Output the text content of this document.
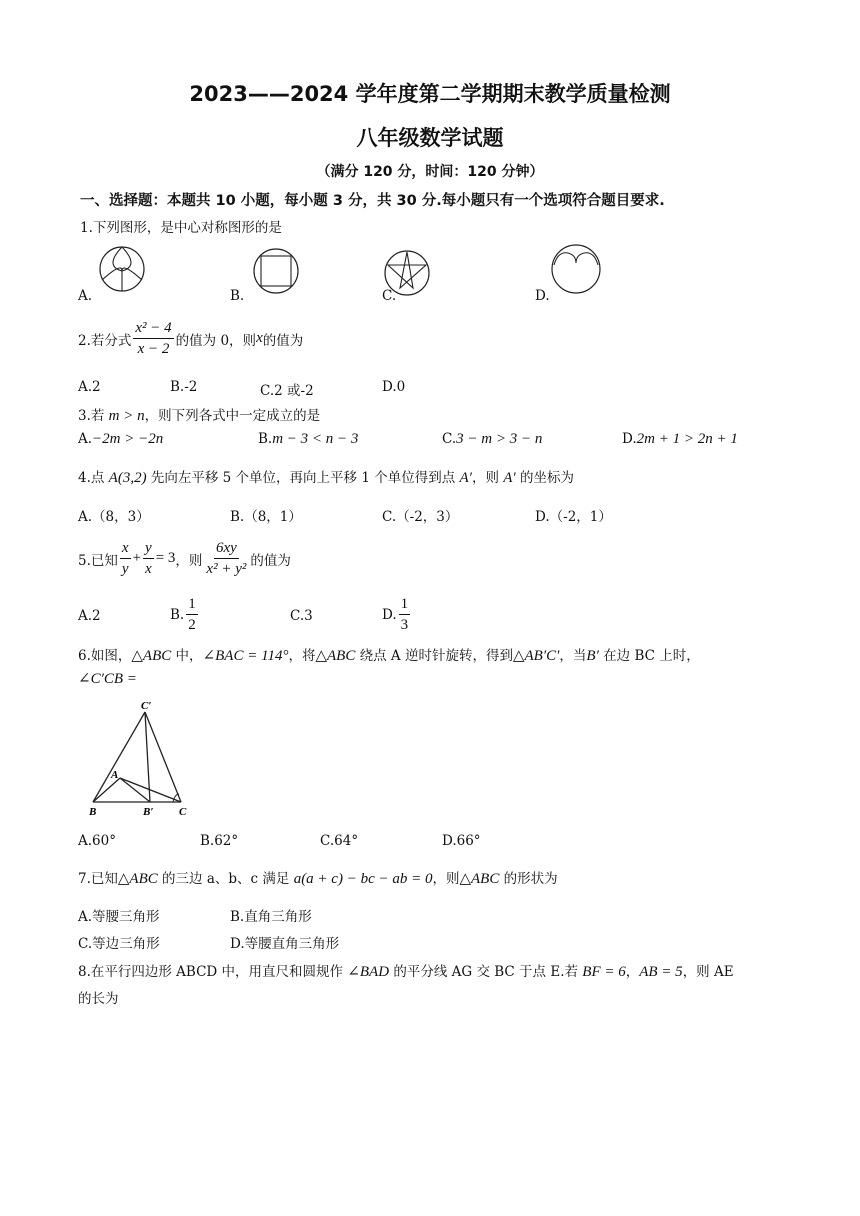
2023——2024 学年度第二学期期末教学质量检测
八年级数学试题
（满分 120 分，时间：120 分钟）
一、选择题：本题共 10 小题，每小题 3 分，共 30 分.每小题只有一个选项符合题目要求.
1.下列图形，是中心对称图形的是
A.	B.	C.	D.
2.若分式 $\frac{\text{x² − 4}}{x - 2}$ 的值为 0，则 x 的值为
A.2	B.-2	C.2 或-2	D.0
3.若 m > n，则下列各式中一定成立的是
A.−2m > −2n	B.m − 3 < n − 3	C.3 − m > 3 − n	D.2m + 1 > 2n + 1
4.点 A(3,2) 先向左平移 5 个单位，再向上平移 1 个单位得到点 A′，则 A′ 的坐标为
A.（8，3）	B.（8，1）	C.（-2，3）	D.（-2，1）
5.已知 $\frac{x}{y} + \frac{y}{x} = 3$ ，则 $\frac{6xy}{\text{x² + y²}}$ 的值为
A.2	B. $\frac{1}{2}$	C.3	D. $\frac{1}{3}$
6.如图，△ABC 中，∠BAC = 114°，将△ABC 绕点 A 逆时针旋转，得到△AB′C′，当B′ 在边 BC 上时，
∠C′CB =
C′
A
B	B′ C
A.60°	B.62°	C.64°	D.66°
7.已知△ABC 的三边 a、b、c 满足 a(a + c) − bc − ab = 0，则△ABC 的形状为
A.等腰三角形	B.直角三角形
C.等边三角形	D.等腰直角三角形
8.在平行四边形 ABCD 中，用直尺和圆规作 ∠BAD 的平分线 AG 交 BC 于点 E.若 BF = 6，AB = 5，则 AE
的长为
